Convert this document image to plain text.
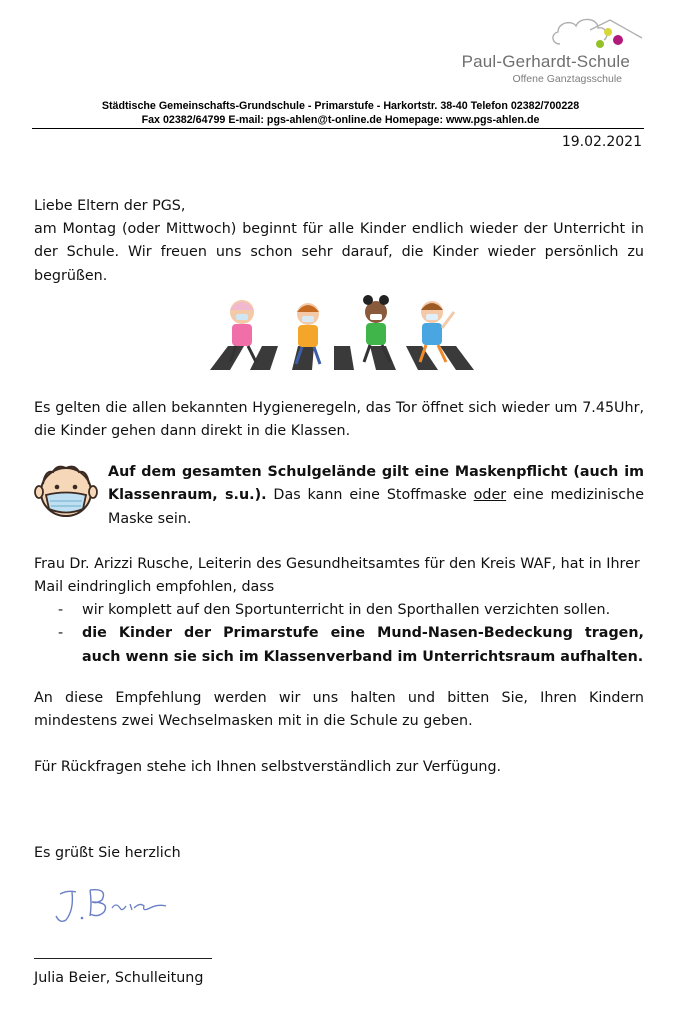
Paul-Gerhardt-Schule
Offene Ganztagsschule
Städtische Gemeinschafts-Grundschule - Primarstufe - Harkortstr. 38-40 Telefon 02382/700228
Fax 02382/64799 E-mail: pgs-ahlen@t-online.de Homepage: www.pgs-ahlen.de
19.02.2021
Liebe Eltern der PGS,
am Montag (oder Mittwoch) beginnt für alle Kinder endlich wieder der Unterricht in der Schule. Wir freuen uns schon sehr darauf, die Kinder wieder persönlich zu begrüßen.
Es gelten die allen bekannten Hygieneregeln, das Tor öffnet sich wieder um 7.45Uhr, die Kinder gehen dann direkt in die Klassen.
Auf dem gesamten Schulgelände gilt eine Maskenpflicht (auch im Klassenraum, s.u.). Das kann eine Stoffmaske oder eine medizinische Maske sein.
Frau Dr. Arizzi Rusche, Leiterin des Gesundheitsamtes für den Kreis WAF, hat in Ihrer Mail eindringlich empfohlen, dass
- wir komplett auf den Sportunterricht in den Sporthallen verzichten sollen.
- die Kinder der Primarstufe eine Mund-Nasen-Bedeckung tragen, auch wenn sie sich im Klassenverband im Unterrichtsraum aufhalten.
An diese Empfehlung werden wir uns halten und bitten Sie, Ihren Kindern mindestens zwei Wechselmasken mit in die Schule zu geben.
Für Rückfragen stehe ich Ihnen selbstverständlich zur Verfügung.
Es grüßt Sie herzlich
Julia Beier, Schulleitung
